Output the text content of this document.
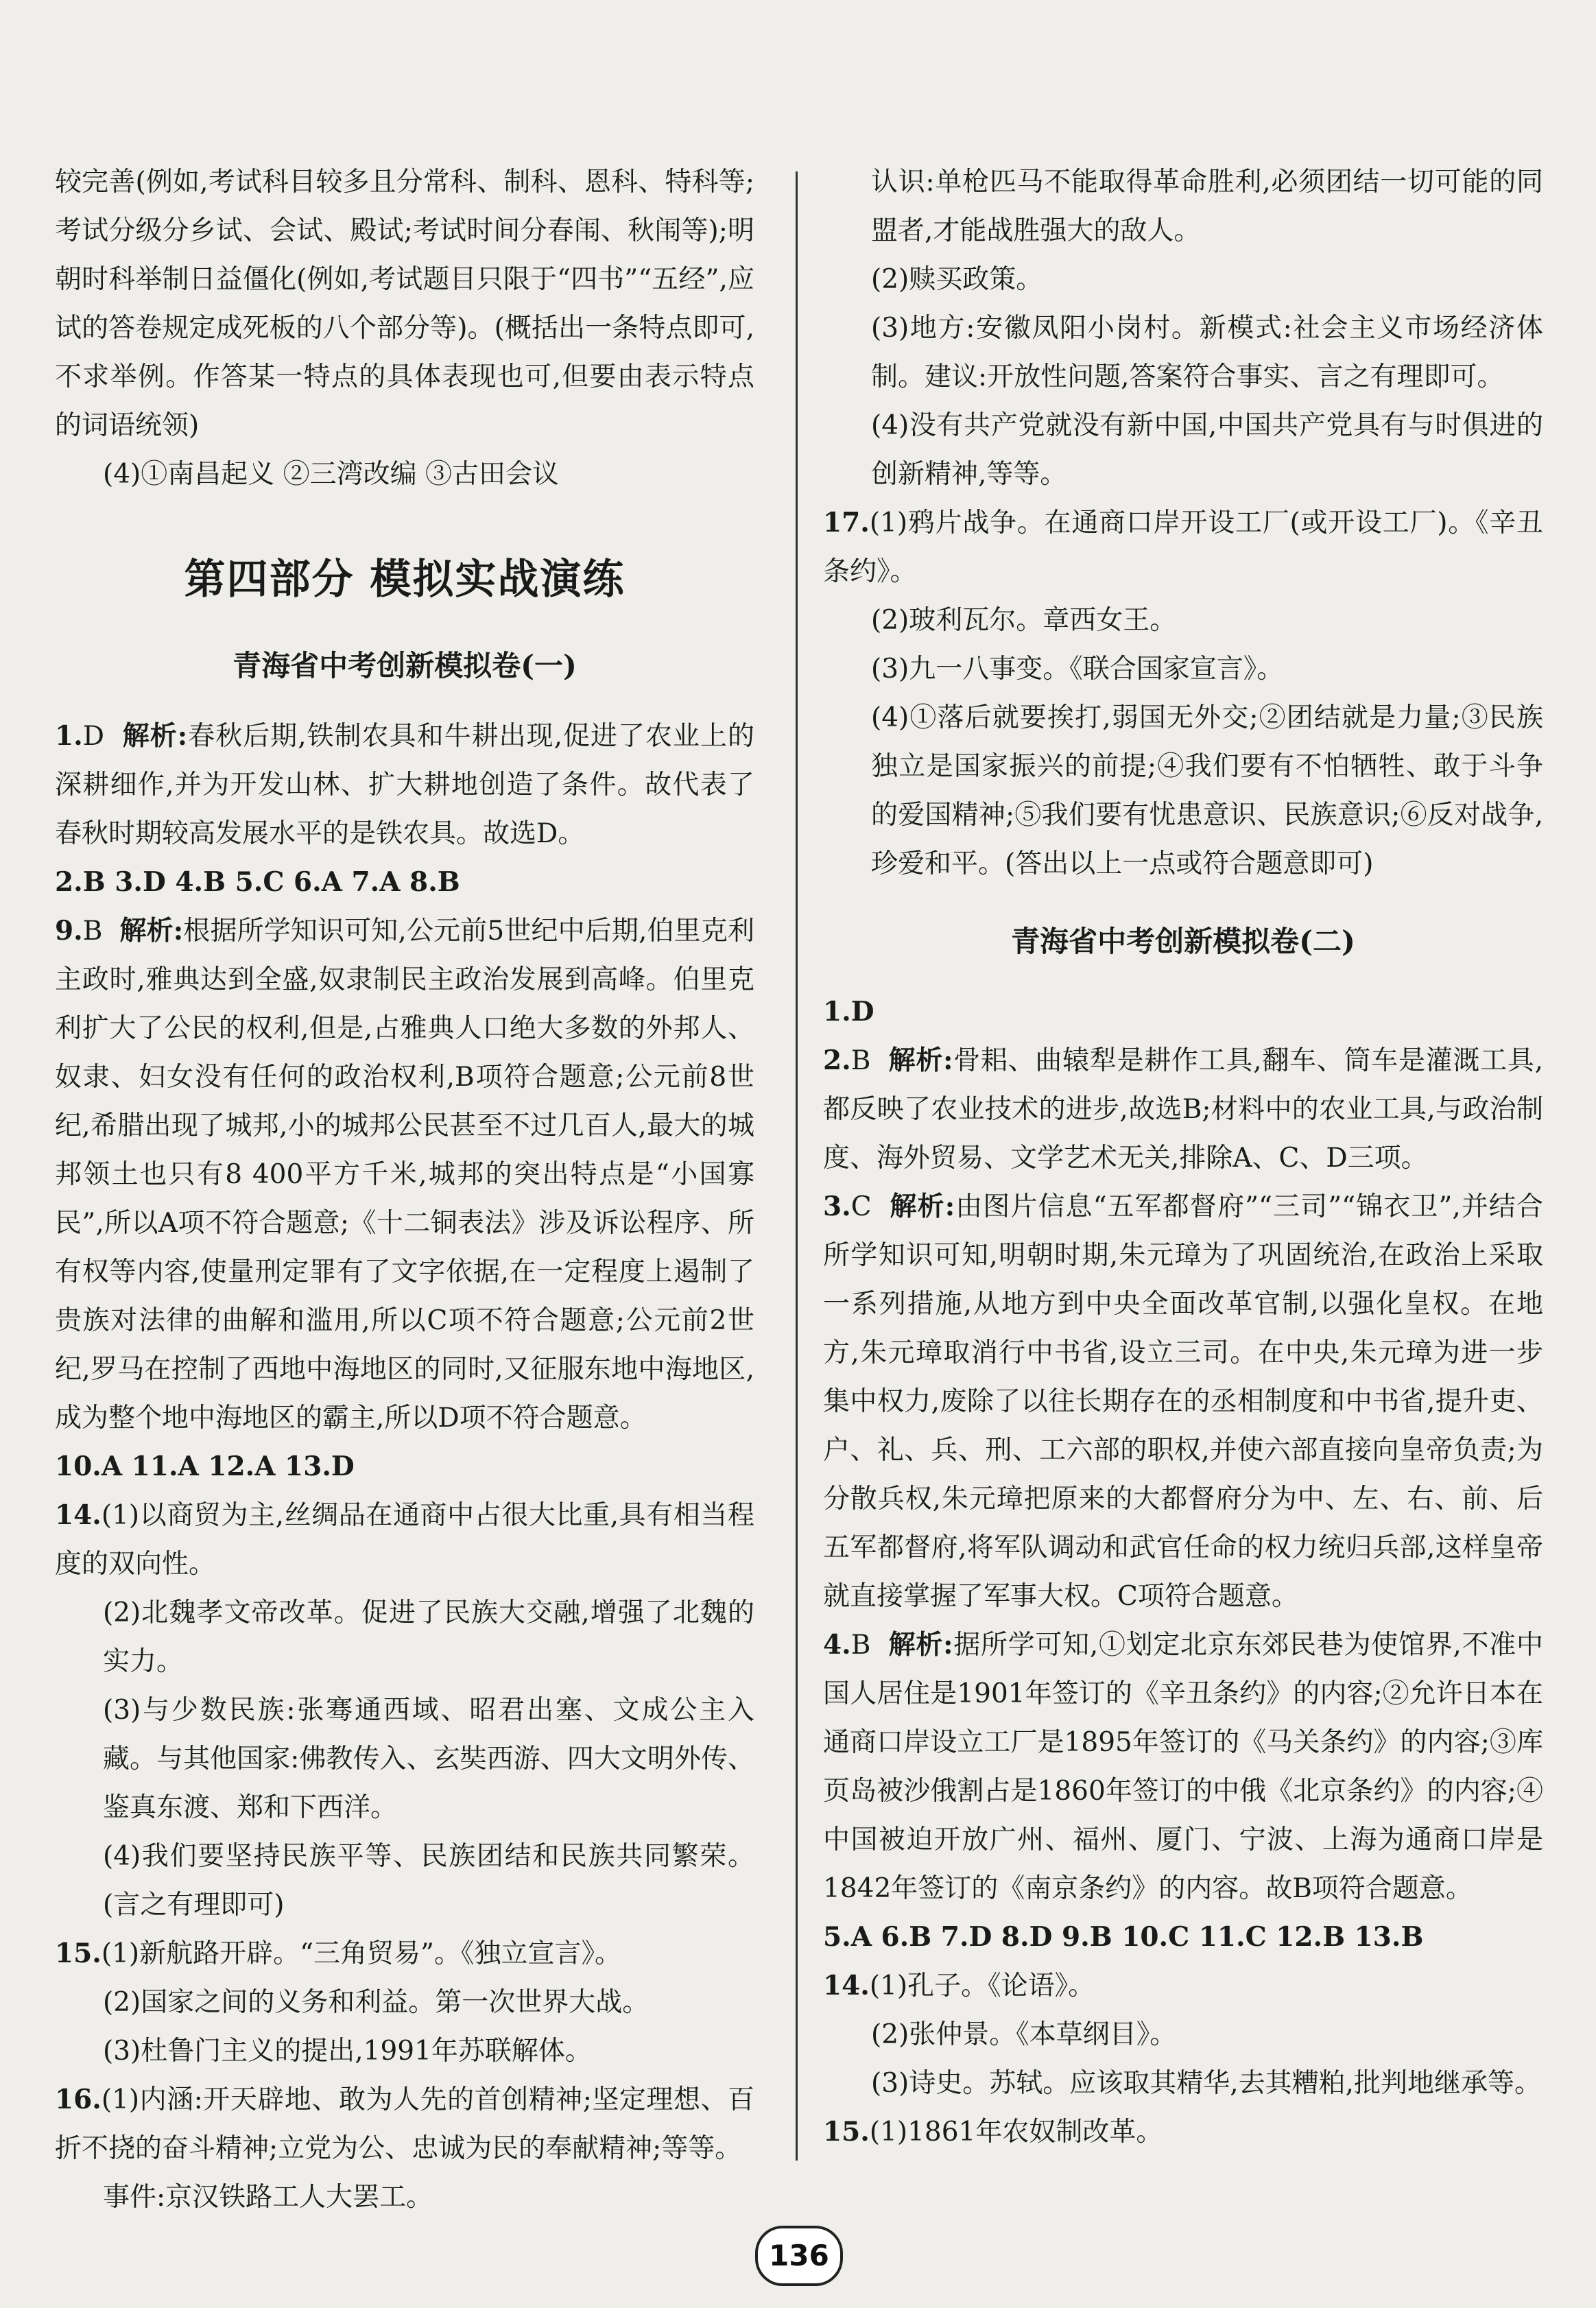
较完善(例如,考试科目较多且分常科、制科、恩科、特科等;考试分级分乡试、会试、殿试;考试时间分春闱、秋闱等);明朝时科举制日益僵化(例如,考试题目只限于“四书”“五经”,应试的答卷规定成死板的八个部分等)。(概括出一条特点即可,不求举例。作答某一特点的具体表现也可,但要由表示特点的词语统领)

(4)①南昌起义 ②三湾改编 ③古田会议

第四部分 模拟实战演练
青海省中考创新模拟卷(一)

1.D 解析:春秋后期,铁制农具和牛耕出现,促进了农业上的深耕细作,并为开发山林、扩大耕地创造了条件。故代表了春秋时期较高发展水平的是铁农具。故选D。

2.B 3.D 4.B 5.C 6.A 7.A 8.B

9.B 解析:根据所学知识可知,公元前5世纪中后期,伯里克利主政时,雅典达到全盛,奴隶制民主政治发展到高峰。伯里克利扩大了公民的权利,但是,占雅典人口绝大多数的外邦人、奴隶、妇女没有任何的政治权利,B项符合题意;公元前8世纪,希腊出现了城邦,小的城邦公民甚至不过几百人,最大的城邦领土也只有8 400平方千米,城邦的突出特点是“小国寡民”,所以A项不符合题意;《十二铜表法》涉及诉讼程序、所有权等内容,使量刑定罪有了文字依据,在一定程度上遏制了贵族对法律的曲解和滥用,所以C项不符合题意;公元前2世纪,罗马在控制了西地中海地区的同时,又征服东地中海地区,成为整个地中海地区的霸主,所以D项不符合题意。

10.A 11.A 12.A 13.D

14.(1)以商贸为主,丝绸品在通商中占很大比重,具有相当程度的双向性。

(2)北魏孝文帝改革。促进了民族大交融,增强了北魏的实力。

(3)与少数民族:张骞通西域、昭君出塞、文成公主入藏。与其他国家:佛教传入、玄奘西游、四大文明外传、鉴真东渡、郑和下西洋。

(4)我们要坚持民族平等、民族团结和民族共同繁荣。(言之有理即可)

15.(1)新航路开辟。“三角贸易”。《独立宣言》。

(2)国家之间的义务和利益。第一次世界大战。

(3)杜鲁门主义的提出,1991年苏联解体。

16.(1)内涵:开天辟地、敢为人先的首创精神;坚定理想、百折不挠的奋斗精神;立党为公、忠诚为民的奉献精神;等等。

事件:京汉铁路工人大罢工。

认识:单枪匹马不能取得革命胜利,必须团结一切可能的同盟者,才能战胜强大的敌人。

(2)赎买政策。

(3)地方:安徽凤阳小岗村。新模式:社会主义市场经济体制。建议:开放性问题,答案符合事实、言之有理即可。

(4)没有共产党就没有新中国,中国共产党具有与时俱进的创新精神,等等。

17.(1)鸦片战争。在通商口岸开设工厂(或开设工厂)。《辛丑条约》。

(2)玻利瓦尔。章西女王。

(3)九一八事变。《联合国家宣言》。

(4)①落后就要挨打,弱国无外交;②团结就是力量;③民族独立是国家振兴的前提;④我们要有不怕牺牲、敢于斗争的爱国精神;⑤我们要有忧患意识、民族意识;⑥反对战争,珍爱和平。(答出以上一点或符合题意即可)

青海省中考创新模拟卷(二)

1.D

2.B 解析:骨耜、曲辕犁是耕作工具,翻车、筒车是灌溉工具,都反映了农业技术的进步,故选B;材料中的农业工具,与政治制度、海外贸易、文学艺术无关,排除A、C、D三项。

3.C 解析:由图片信息“五军都督府”“三司”“锦衣卫”,并结合所学知识可知,明朝时期,朱元璋为了巩固统治,在政治上采取一系列措施,从地方到中央全面改革官制,以强化皇权。在地方,朱元璋取消行中书省,设立三司。在中央,朱元璋为进一步集中权力,废除了以往长期存在的丞相制度和中书省,提升吏、户、礼、兵、刑、工六部的职权,并使六部直接向皇帝负责;为分散兵权,朱元璋把原来的大都督府分为中、左、右、前、后五军都督府,将军队调动和武官任命的权力统归兵部,这样皇帝就直接掌握了军事大权。C项符合题意。

4.B 解析:据所学可知,①划定北京东郊民巷为使馆界,不准中国人居住是1901年签订的《辛丑条约》的内容;②允许日本在通商口岸设立工厂是1895年签订的《马关条约》的内容;③库页岛被沙俄割占是1860年签订的中俄《北京条约》的内容;④中国被迫开放广州、福州、厦门、宁波、上海为通商口岸是1842年签订的《南京条约》的内容。故B项符合题意。

5.A 6.B 7.D 8.D 9.B 10.C 11.C 12.B 13.B

14.(1)孔子。《论语》。

(2)张仲景。《本草纲目》。

(3)诗史。苏轼。应该取其精华,去其糟粕,批判地继承等。

15.(1)1861年农奴制改革。

136
